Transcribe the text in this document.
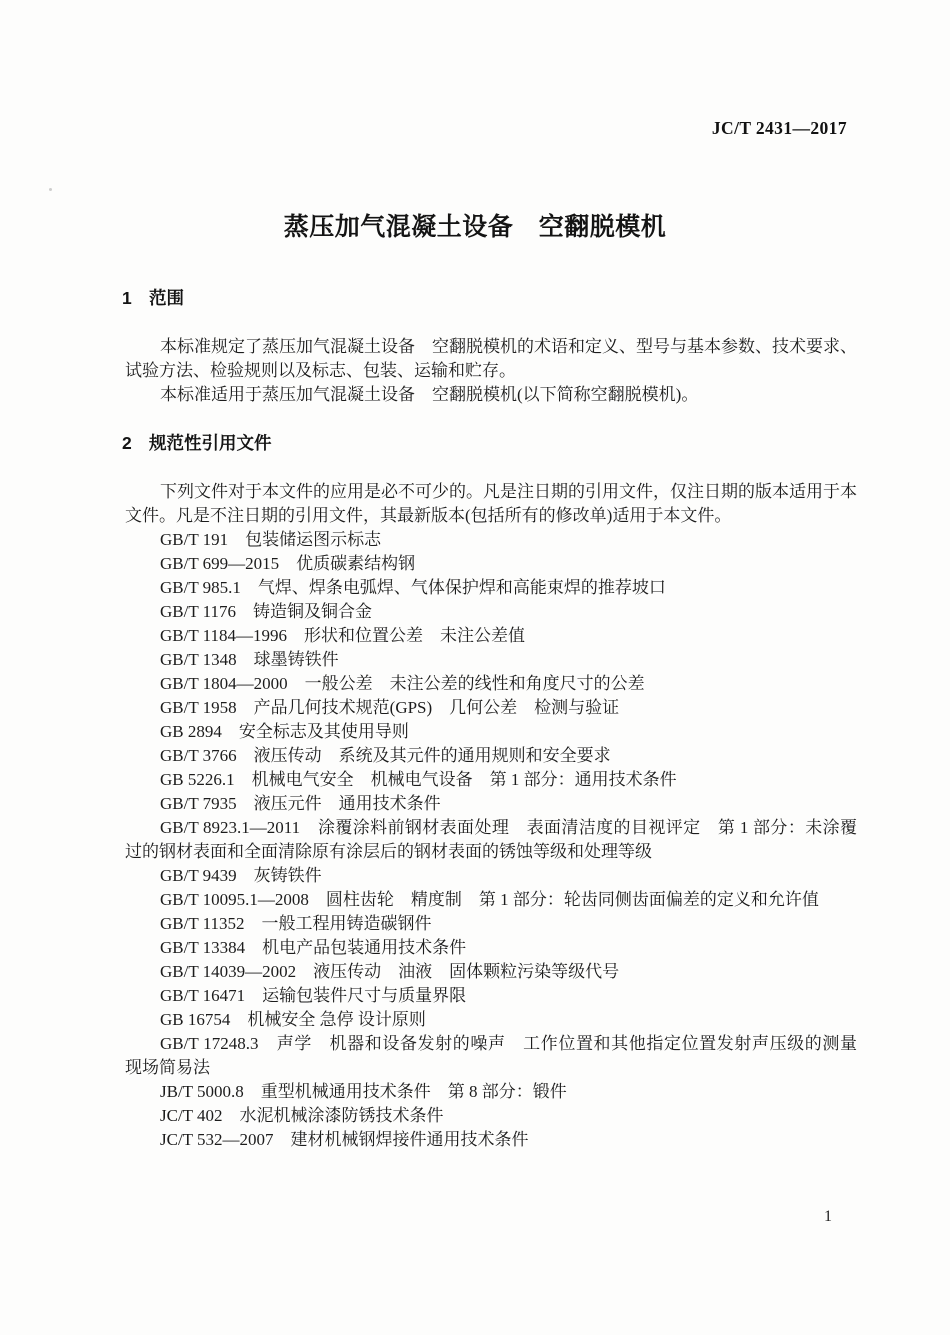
JC/T 2431—2017
蒸压加气混凝土设备　空翻脱模机
1 范围

本标准规定了蒸压加气混凝土设备　空翻脱模机的术语和定义、型号与基本参数、技术要求、试验方法、检验规则以及标志、包装、运输和贮存。

本标准适用于蒸压加气混凝土设备　空翻脱模机(以下简称空翻脱模机)。

2 规范性引用文件

下列文件对于本文件的应用是必不可少的。凡是注日期的引用文件，仅注日期的版本适用于本文件。凡是不注日期的引用文件，其最新版本(包括所有的修改单)适用于本文件。

GB/T 191　包装储运图示标志

GB/T 699—2015　优质碳素结构钢

GB/T 985.1　气焊、焊条电弧焊、气体保护焊和高能束焊的推荐坡口

GB/T 1176　铸造铜及铜合金

GB/T 1184—1996　形状和位置公差　未注公差值

GB/T 1348　球墨铸铁件

GB/T 1804—2000　一般公差　未注公差的线性和角度尺寸的公差

GB/T 1958　产品几何技术规范(GPS)　几何公差　检测与验证

GB 2894　安全标志及其使用导则

GB/T 3766　液压传动　系统及其元件的通用规则和安全要求

GB 5226.1　机械电气安全　机械电气设备　第 1 部分：通用技术条件

GB/T 7935　液压元件　通用技术条件

GB/T 8923.1—2011　涂覆涂料前钢材表面处理　表面清洁度的目视评定　第 1 部分：未涂覆过的钢材表面和全面清除原有涂层后的钢材表面的锈蚀等级和处理等级

GB/T 9439　灰铸铁件

GB/T 10095.1—2008　圆柱齿轮　精度制　第 1 部分：轮齿同侧齿面偏差的定义和允许值

GB/T 11352　一般工程用铸造碳钢件

GB/T 13384　机电产品包装通用技术条件

GB/T 14039—2002　液压传动　油液　固体颗粒污染等级代号

GB/T 16471　运输包装件尺寸与质量界限

GB 16754　机械安全 急停 设计原则

GB/T 17248.3　声学　机器和设备发射的噪声　工作位置和其他指定位置发射声压级的测量　现场简易法

JB/T 5000.8　重型机械通用技术条件　第 8 部分：锻件

JC/T 402　水泥机械涂漆防锈技术条件

JC/T 532—2007　建材机械钢焊接件通用技术条件

1
